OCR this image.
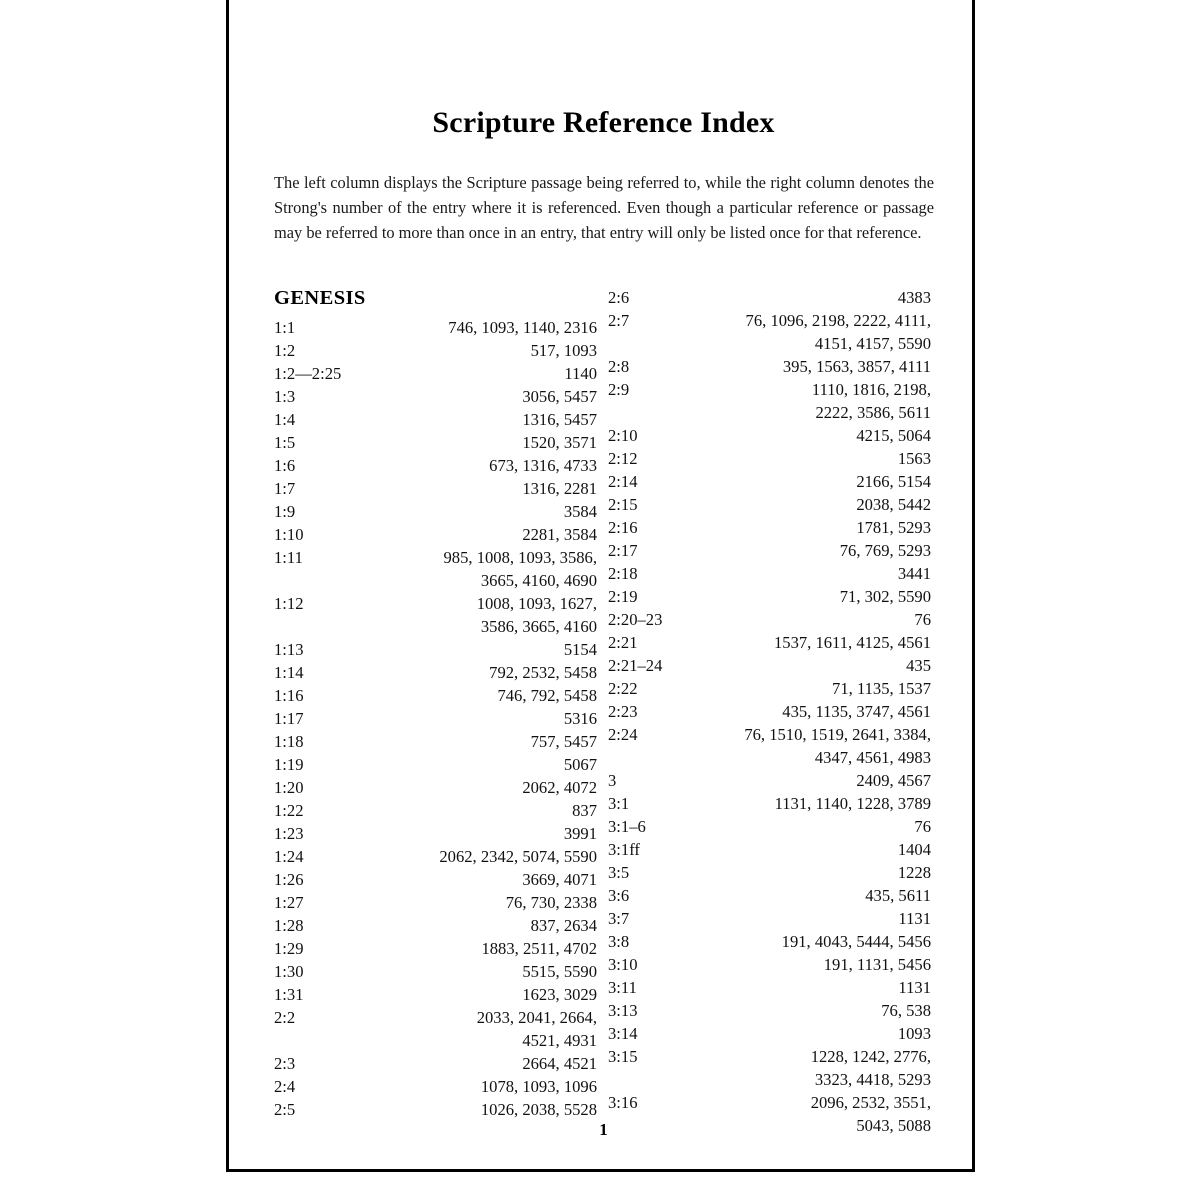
Scripture Reference Index
The left column displays the Scripture passage being referred to, while the right column denotes the Strong's number of the entry where it is referenced. Even though a particular reference or passage may be referred to more than once in an entry, that entry will only be listed once for that reference.
GENESIS
1:1	746, 1093, 1140, 2316
1:2	517, 1093
1:2—2:25	1140
1:3	3056, 5457
1:4	1316, 5457
1:5	1520, 3571
1:6	673, 1316, 4733
1:7	1316, 2281
1:9	3584
1:10	2281, 3584
1:11	985, 1008, 1093, 3586,
3665, 4160, 4690
1:12	1008, 1093, 1627,
3586, 3665, 4160
1:13	5154
1:14	792, 2532, 5458
1:16	746, 792, 5458
1:17	5316
1:18	757, 5457
1:19	5067
1:20	2062, 4072
1:22	837
1:23	3991
1:24	2062, 2342, 5074, 5590
1:26	3669, 4071
1:27	76, 730, 2338
1:28	837, 2634
1:29	1883, 2511, 4702
1:30	5515, 5590
1:31	1623, 3029
2:2	2033, 2041, 2664,
4521, 4931
2:3	2664, 4521
2:4	1078, 1093, 1096
2:5	1026, 2038, 5528
2:6	4383
2:7	76, 1096, 2198, 2222, 4111,
4151, 4157, 5590
2:8	395, 1563, 3857, 4111
2:9	1110, 1816, 2198,
2222, 3586, 5611
2:10	4215, 5064
2:12	1563
2:14	2166, 5154
2:15	2038, 5442
2:16	1781, 5293
2:17	76, 769, 5293
2:18	3441
2:19	71, 302, 5590
2:20–23	76
2:21	1537, 1611, 4125, 4561
2:21–24	435
2:22	71, 1135, 1537
2:23	435, 1135, 3747, 4561
2:24	76, 1510, 1519, 2641, 3384,
4347, 4561, 4983
3	2409, 4567
3:1	1131, 1140, 1228, 3789
3:1–6	76
3:1ff	1404
3:5	1228
3:6	435, 5611
3:7	1131
3:8	191, 4043, 5444, 5456
3:10	191, 1131, 5456
3:11	1131
3:13	76, 538
3:14	1093
3:15	1228, 1242, 2776,
3323, 4418, 5293
3:16	2096, 2532, 3551,
5043, 5088
1
